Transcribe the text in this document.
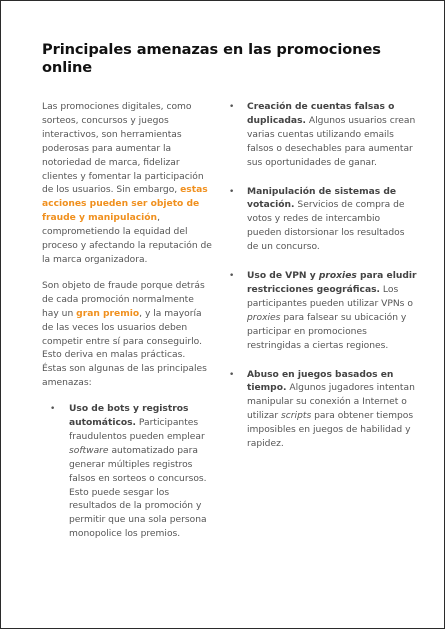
Principales amenazas en las promociones online

Las promociones digitales, como sorteos, concursos y juegos interactivos, son herramientas poderosas para aumentar la notoriedad de marca, fidelizar clientes y fomentar la participación de los usuarios. Sin embargo, estas acciones pueden ser objeto de fraude y manipulación, comprometiendo la equidad del proceso y afectando la reputación de la marca organizadora.

Son objeto de fraude porque detrás de cada promoción normalmente hay un gran premio, y la mayoría de las veces los usuarios deben competir entre sí para conseguirlo. Esto deriva en malas prácticas. Éstas son algunas de las principales amenazas:

• Uso de bots y registros automáticos. Participantes fraudulentos pueden emplear software automatizado para generar múltiples registros falsos en sorteos o concursos. Esto puede sesgar los resultados de la promoción y permitir que una sola persona monopolice los premios.
• Creación de cuentas falsas o duplicadas. Algunos usuarios crean varias cuentas utilizando emails falsos o desechables para aumentar sus oportunidades de ganar.
• Manipulación de sistemas de votación. Servicios de compra de votos y redes de intercambio pueden distorsionar los resultados de un concurso.
• Uso de VPN y proxies para eludir restricciones geográficas. Los participantes pueden utilizar VPNs o proxies para falsear su ubicación y participar en promociones restringidas a ciertas regiones.
• Abuso en juegos basados en tiempo. Algunos jugadores intentan manipular su conexión a Internet o utilizar scripts para obtener tiempos imposibles en juegos de habilidad y rapidez.
